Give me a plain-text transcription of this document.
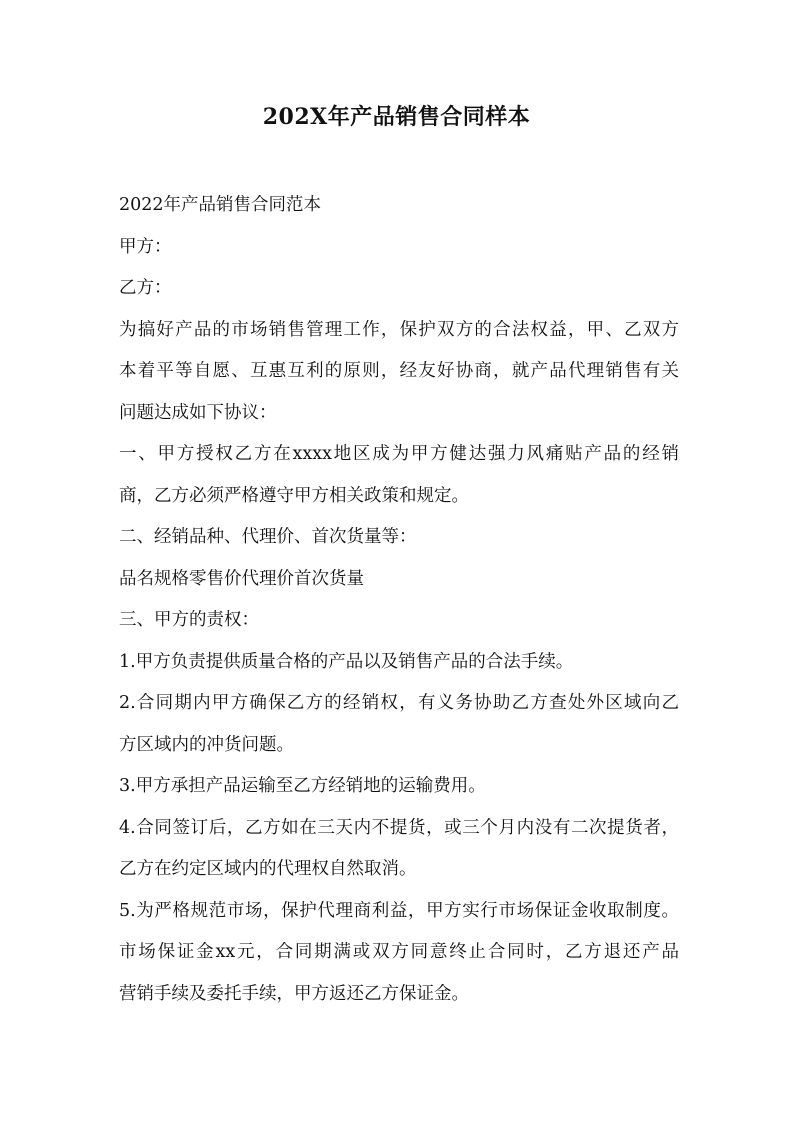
202X年产品销售合同样本
2022年产品销售合同范本
甲方：
乙方：
为搞好产品的市场销售管理工作，保护双方的合法权益，甲、乙双方
本着平等自愿、互惠互利的原则，经友好协商，就产品代理销售有关
问题达成如下协议：
一、甲方授权乙方在xxxx地区成为甲方健达强力风痛贴产品的经销
商，乙方必须严格遵守甲方相关政策和规定。
二、经销品种、代理价、首次货量等：
品名规格零售价代理价首次货量
三、甲方的责权：
1.甲方负责提供质量合格的产品以及销售产品的合法手续。
2.合同期内甲方确保乙方的经销权，有义务协助乙方查处外区域向乙
方区域内的冲货问题。
3.甲方承担产品运输至乙方经销地的运输费用。
4.合同签订后，乙方如在三天内不提货，或三个月内没有二次提货者，
乙方在约定区域内的代理权自然取消。
5.为严格规范市场，保护代理商利益，甲方实行市场保证金收取制度。
市场保证金xx元，合同期满或双方同意终止合同时，乙方退还产品
营销手续及委托手续，甲方返还乙方保证金。
